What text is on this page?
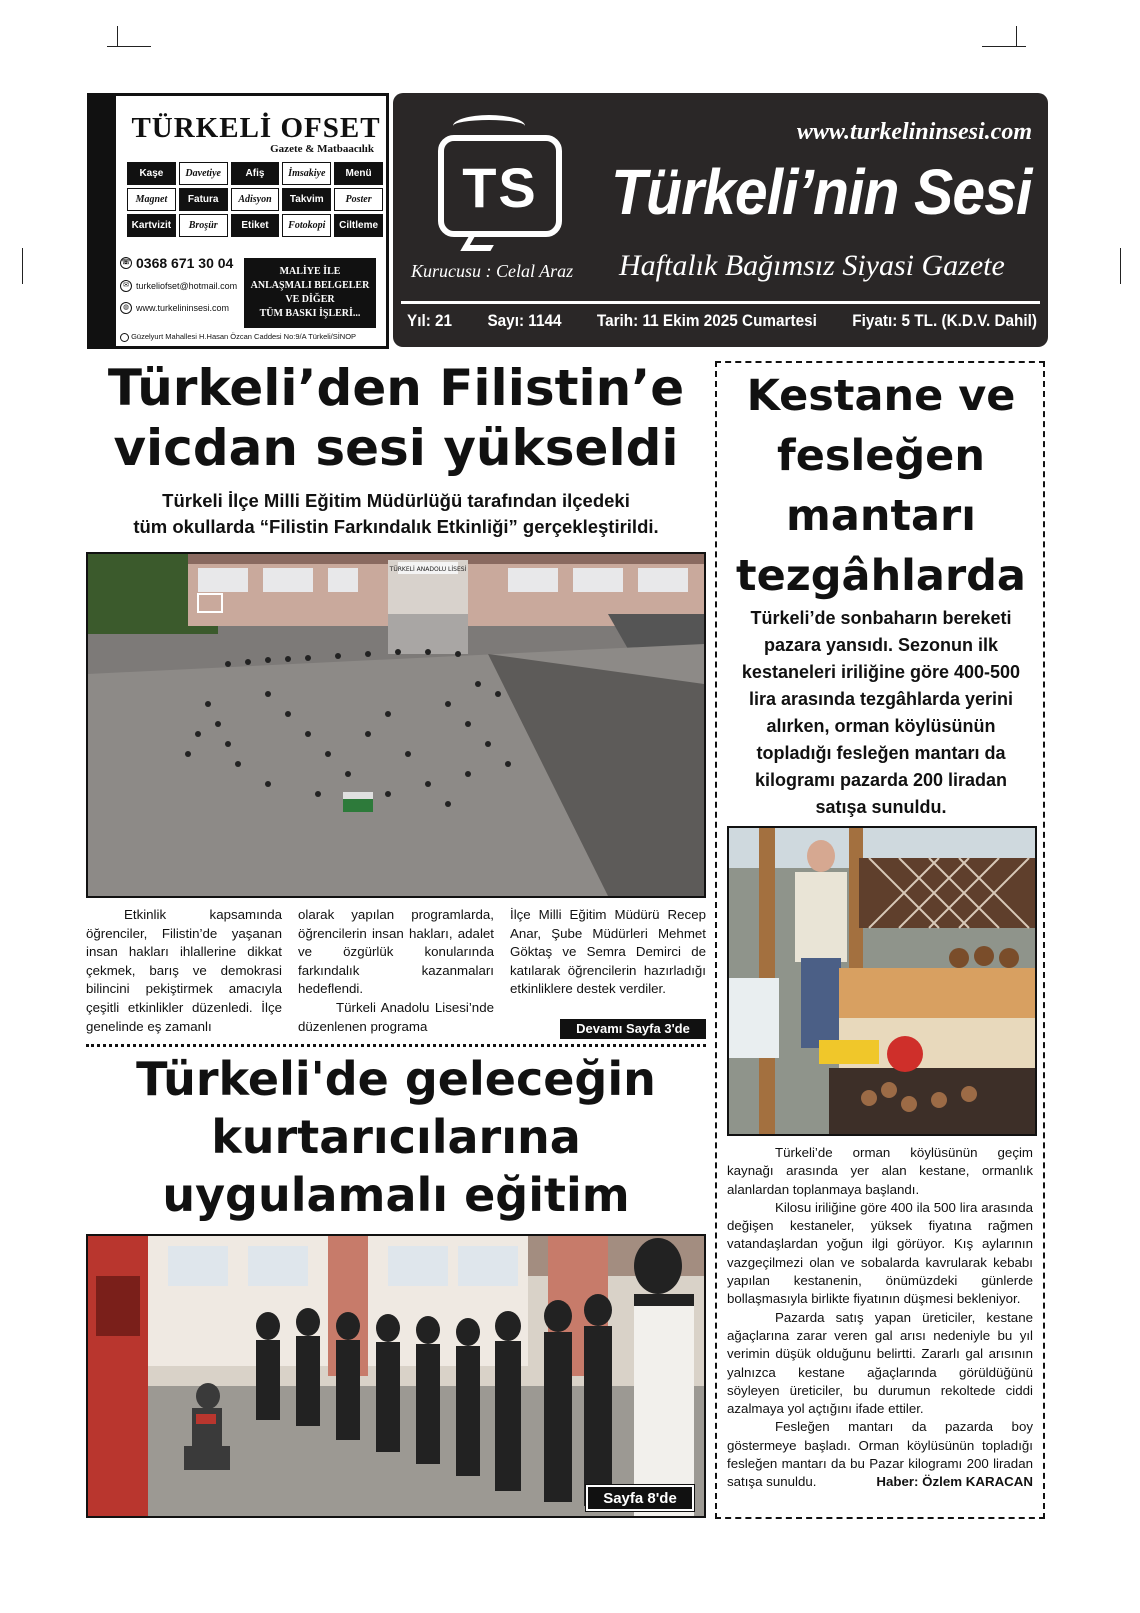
TÜRKELİ OFSET
Gazete & Matbaacılık
Kaşe	Davetiye	Afiş	İmsakiye	Menü
Magnet	Fatura	Adisyon	Takvim	Poster
Kartvizit	Broşür	Etiket	Fotokopi	Ciltleme
☏ 0368 671 30 04
✉ turkeliofset@hotmail.com
◍ www.turkelininsesi.com
MALİYE İLE
ANLAŞMALI BELGELER
VE DİĞER
TÜM BASKI İŞLERİ...
Güzelyurt Mahallesi H.Hasan Özcan Caddesi No:9/A Türkeli/SİNOP
TS
www.turkelininsesi.com
Türkeli’nin Sesi
Kurucusu : Celal Araz Haftalık Bağımsız Siyasi Gazete
Yıl: 21 Sayı: 1144 Tarih: 11 Ekim 2025 Cumartesi Fiyatı: 5 TL. (K.D.V. Dahil)
Türkeli’den Filistin’e
vicdan sesi yükseldi
Türkeli İlçe Milli Eğitim Müdürlüğü tarafından ilçedeki
tüm okullarda “Filistin Farkındalık Etkinliği” gerçekleştirildi.
TÜRKELİ ANADOLU LİSESİ

Etkinlik kapsamında öğrenciler, Filistin’de yaşanan insan hakları ihlallerine dikkat çekmek, barış ve demokrasi bilincini pekiştirmek amacıyla çeşitli etkinlikler düzenledi. İlçe genelinde eş zamanlı

olarak yapılan programlarda, öğrencilerin insan hakları, adalet ve özgürlük konularında farkındalık kazanmaları hedeflendi.

Türkeli Anadolu Lisesi’nde düzenlenen programa

İlçe Milli Eğitim Müdürü Recep Anar, Şube Müdürleri Mehmet Göktaş ve Semra Demirci de katılarak öğrencilerin hazırladığı etkinliklere destek verdiler.

Devamı Sayfa 3'de
Türkeli'de geleceğin
kurtarıcılarına
uygulamalı eğitim
Sayfa 8'de
Kestane ve
fesleğen
mantarı
tezgâhlarda
Türkeli’de sonbaharın bereketi pazara yansıdı. Sezonun ilk kestaneleri iriliğine göre 400-500 lira arasında tezgâhlarda yerini alırken, orman köylüsünün topladığı fesleğen mantarı da kilogramı pazarda 200 liradan satışa sunuldu.

Türkeli’de orman köylüsünün geçim kaynağı arasında yer alan kestane, ormanlık alanlardan toplanmaya başlandı.

Kilosu iriliğine göre 400 ila 500 lira arasında değişen kestaneler, yüksek fiyatına rağmen vatandaşlardan yoğun ilgi görüyor. Kış aylarının vazgeçilmezi olan ve sobalarda kavrularak kebabı yapılan kestanenin, önümüzdeki günlerde bollaşmasıyla birlikte fiyatının düşmesi bekleniyor.

Pazarda satış yapan üreticiler, kestane ağaçlarına zarar veren gal arısı nedeniyle bu yıl verimin düşük olduğunu belirtti. Zararlı gal arısının yalnızca kestane ağaçlarında görüldüğünü söyleyen üreticiler, bu durumun rekoltede ciddi azalmaya yol açtığını ifade ettiler.

Fesleğen mantarı da pazarda boy göstermeye başladı. Orman köylüsünün topladığı fesleğen mantarı da bu Pazar kilogramı 200 liradan satışa sunuldu.	Haber: Özlem KARACAN
